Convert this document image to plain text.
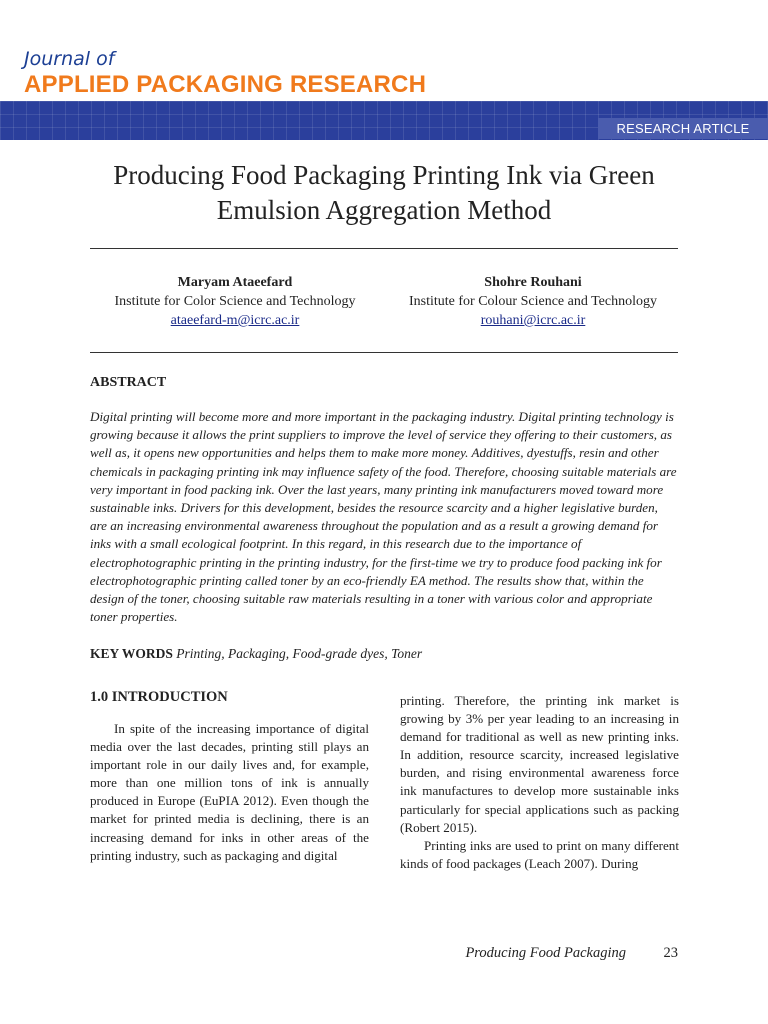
Journal of
APPLIED PACKAGING RESEARCH
RESEARCH ARTICLE
Producing Food Packaging Printing Ink via Green Emulsion Aggregation Method
Maryam Ataeefard
Institute for Color Science and Technology
ataeefard-m@icrc.ac.ir
Shohre Rouhani
Institute for Colour Science and Technology
rouhani@icrc.ac.ir
ABSTRACT
Digital printing will become more and more important in the packaging industry. Digital printing technology is growing because it allows the print suppliers to improve the level of service they offering to their customers, as well as, it opens new opportunities and helps them to make more money. Additives, dyestuffs, resin and other chemicals in packaging printing ink may influence safety of the food. Therefore, choosing suitable materials are very important in food packing ink. Over the last years, many printing ink manufacturers moved toward more sustainable inks. Drivers for this development, besides the resource scarcity and a higher legislative burden, are an increasing environmental awareness throughout the population and as a result a growing demand for inks with a small ecological footprint. In this regard, in this research due to the importance of electrophotographic printing in the printing industry, for the first-time we try to produce food packing ink for electrophotographic printing called toner by an eco-friendly EA method. The results show that, within the design of the toner, choosing suitable raw materials resulting in a toner with various color and appropriate toner properties.
KEY WORDS Printing, Packaging, Food-grade dyes, Toner
1.0 INTRODUCTION

In spite of the increasing importance of digital media over the last decades, printing still plays an important role in our daily lives and, for example, more than one million tons of ink is annually produced in Europe (EuPIA 2012). Even though the market for printed media is declining, there is an increasing demand for inks in other areas of the printing industry, such as packaging and digital

printing. Therefore, the printing ink market is growing by 3% per year leading to an increasing in demand for traditional as well as new printing inks. In addition, resource scarcity, increased legislative burden, and rising environmental awareness force ink manufactures to develop more sustainable inks particularly for special applications such as packing (Robert 2015).

Printing inks are used to print on many different kinds of food packages (Leach 2007). During

Producing Food Packaging	23
